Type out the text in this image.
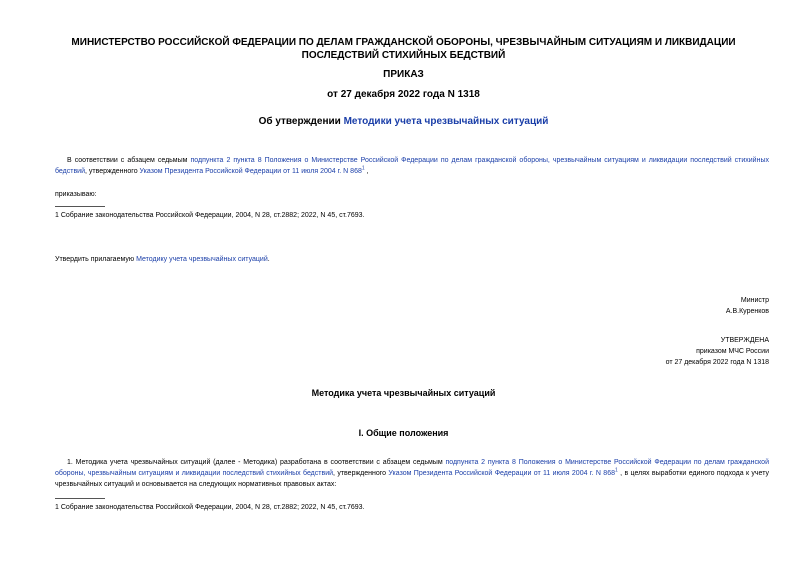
МИНИСТЕРСТВО РОССИЙСКОЙ ФЕДЕРАЦИИ ПО ДЕЛАМ ГРАЖДАНСКОЙ ОБОРОНЫ, ЧРЕЗВЫЧАЙНЫМ СИТУАЦИЯМ И ЛИКВИДАЦИИ ПОСЛЕДСТВИЙ СТИХИЙНЫХ БЕДСТВИЙ
ПРИКАЗ
от 27 декабря 2022 года N 1318
Об утверждении Методики учета чрезвычайных ситуаций
В соответствии с абзацем седьмым подпункта 2 пункта 8 Положения о Министерстве Российской Федерации по делам гражданской обороны, чрезвычайным ситуациям и ликвидации последствий стихийных бедствий, утвержденного Указом Президента Российской Федерации от 11 июля 2004 г. N $868^1$ ,
приказываю:
1 Собрание законодательства Российской Федерации, 2004, N 28, ст.2882; 2022, N 45, ст.7693.
Утвердить прилагаемую Методику учета чрезвычайных ситуаций.
Министр
А.В.Куренков
УТВЕРЖДЕНА
приказом МЧС России
от 27 декабря 2022 года N 1318
Методика учета чрезвычайных ситуаций
I. Общие положения
1. Методика учета чрезвычайных ситуаций (далее - Методика) разработана в соответствии с абзацем седьмым подпункта 2 пункта 8 Положения о Министерстве Российской Федерации по делам гражданской обороны, чрезвычайным ситуациям и ликвидации последствий стихийных бедствий, утвержденного Указом Президента Российской Федерации от 11 июля 2004 г. N $868^1$ , в целях выработки единого подхода к учету чрезвычайных ситуаций и основывается на следующих нормативных правовых актах:
1 Собрание законодательства Российской Федерации, 2004, N 28, ст.2882; 2022, N 45, ст.7693.
